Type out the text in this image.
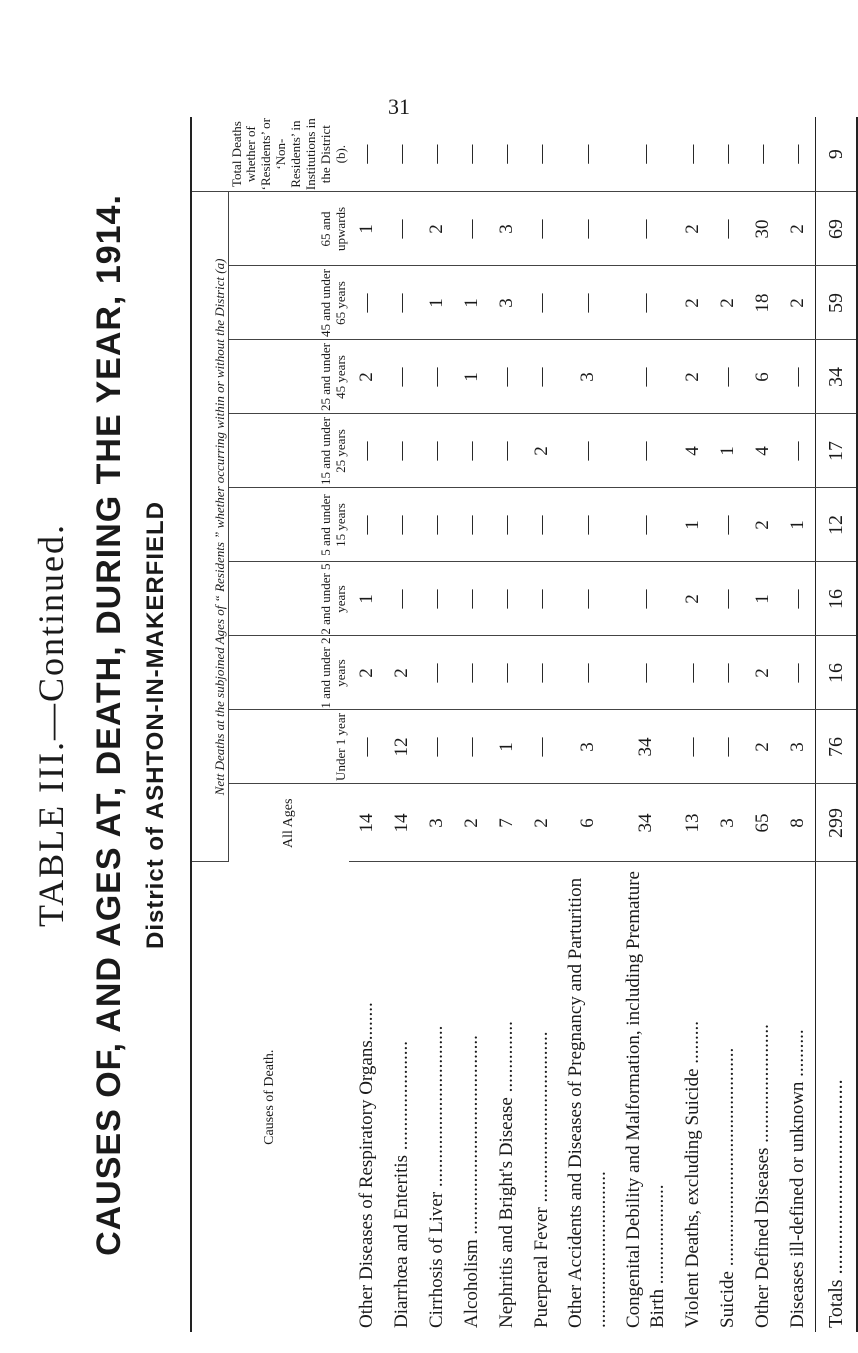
31
TABLE III.—Continued. CAUSES OF, AND AGES AT, DEATH, DURING THE YEAR, 1914. District of ASHTON-IN-MAKERFIELD
Causes of Death.	Nett Deaths at the subjoined Ages of “ Residents ” whether occurring within or without the District (a)									Total Deaths whether of ‘Residents’ or ‘Non-Residents’ in Institutions in the District (b).
	All Ages	Under 1 year	1 and under 2 years	2 and under 5 years	5 and under 15 years	15 and under 25 years	25 and under 45 years	45 and under 65 years	65 and upwards	
Other Diseases of Respiratory Organs........	14	—	2	1	—	—	2	—	1	—
Diarrhœa and Enteritis .......................	14	12	2	—	—	—	—	—	—	—
Cirrhosis of Liver ..................................	3	—	—	—	—	—	—	1	2	—
Alcoholism ..........................................	2	—	—	—	—	—	1	1	—	—
Nephritis and Bright's Disease ...............	7	1	—	—	—	—	—	3	3	—
Puerperal Fever ....................................	2	—	—	—	—	2	—	—	—	—
Other Accidents and Diseases of Pregnancy and Parturition .................................	6	3	—	—	—	—	3	—	—	—
Congenital Debility and Malformation, including Premature Birth .....................	34	34	—	—	—	—	—	—	—	—
Violent Deaths, excluding Suicide .........	13	—	—	2	1	4	2	2	2	—
Suicide ..............................................	3	—	—	—	—	1	—	2	—	—
Other Defined Diseases .........................	65	2	2	1	2	4	6	18	30	—
Diseases ill-defined or unknown ..........	8	3	—	—	1	—	—	2	2	—
Totals .......................................	299	76	16	16	12	17	34	59	69	9
